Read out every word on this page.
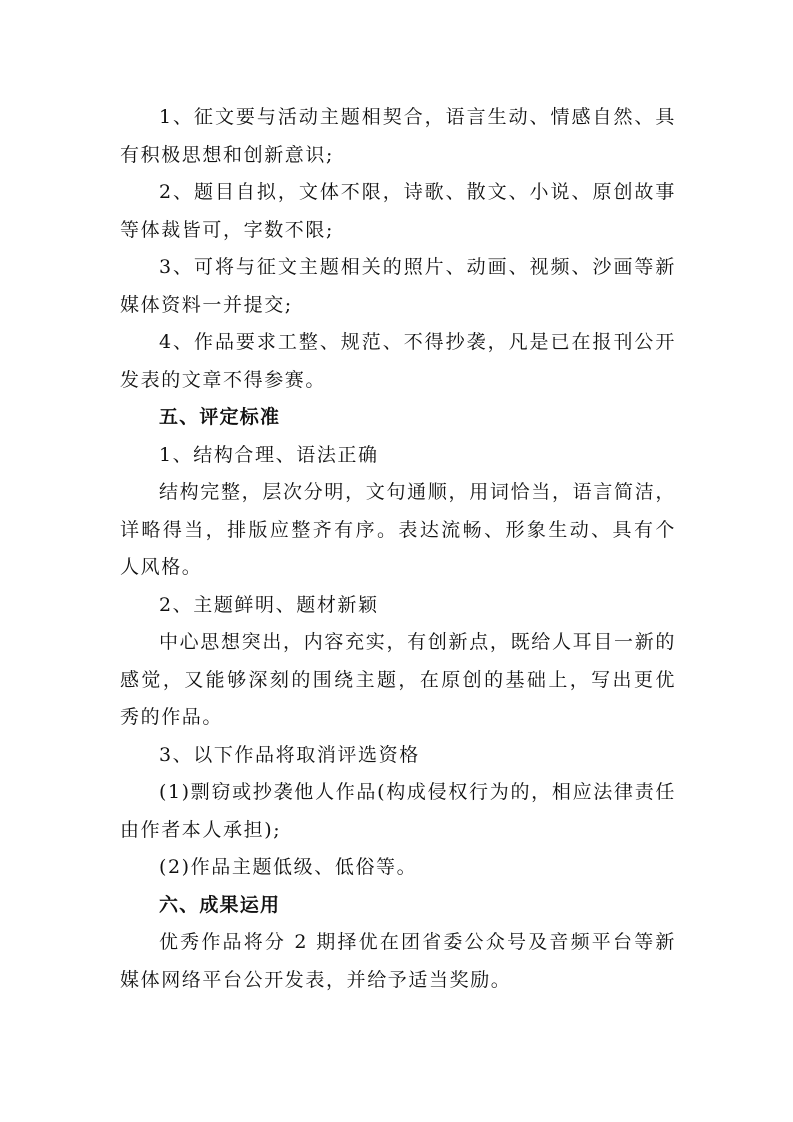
1、征文要与活动主题相契合，语言生动、情感自然、具有积极思想和创新意识;

2、题目自拟，文体不限，诗歌、散文、小说、原创故事等体裁皆可，字数不限;

3、可将与征文主题相关的照片、动画、视频、沙画等新媒体资料一并提交;

4、作品要求工整、规范、不得抄袭，凡是已在报刊公开发表的文章不得参赛。

五、评定标准

1、结构合理、语法正确

结构完整，层次分明，文句通顺，用词恰当，语言简洁，详略得当，排版应整齐有序。表达流畅、形象生动、具有个人风格。

2、主题鲜明、题材新颖

中心思想突出，内容充实，有创新点，既给人耳目一新的感觉，又能够深刻的围绕主题，在原创的基础上，写出更优秀的作品。

3、以下作品将取消评选资格

(1)剽窃或抄袭他人作品(构成侵权行为的，相应法律责任由作者本人承担);

(2)作品主题低级、低俗等。

六、成果运用

优秀作品将分 2 期择优在团省委公众号及音频平台等新媒体网络平台公开发表，并给予适当奖励。
